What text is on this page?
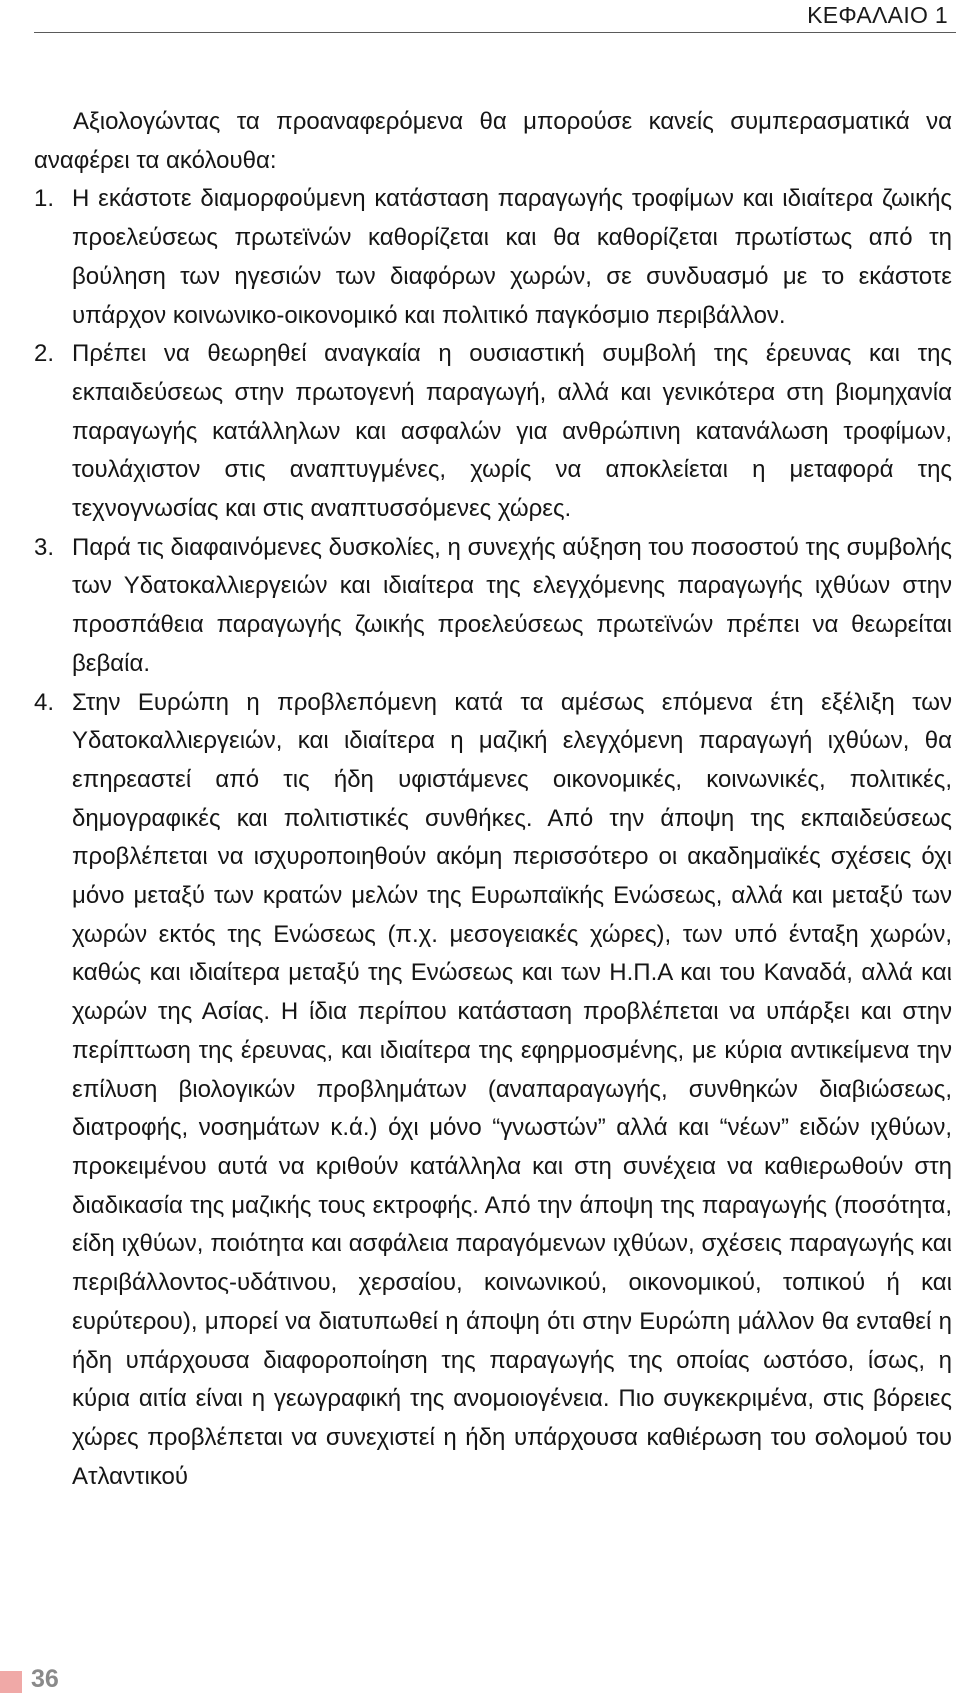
ΚΕΦΑΛΑΙΟ 1

Αξιολογώντας τα προαναφερόμενα θα μπορούσε κανείς συμπερασματικά να αναφέρει τα ακόλουθα:

1. Η εκάστοτε διαμορφούμενη κατάσταση παραγωγής τροφίμων και ιδιαίτερα ζωικής προελεύσεως πρωτεϊνών καθορίζεται και θα καθορίζεται πρωτίστως από τη βούληση των ηγεσιών των διαφόρων χωρών, σε συνδυασμό με το εκάστοτε υπάρχον κοινωνικο-οικονομικό και πολιτικό παγκόσμιο περιβάλλον.

2. Πρέπει να θεωρηθεί αναγκαία η ουσιαστική συμβολή της έρευνας και της εκπαιδεύσεως στην πρωτογενή παραγωγή, αλλά και γενικότερα στη βιομηχανία παραγωγής κατάλληλων και ασφαλών για ανθρώπινη κατανάλωση τροφίμων, τουλάχιστον στις αναπτυγμένες, χωρίς να αποκλείεται η μεταφορά της τεχνογνωσίας και στις αναπτυσσόμενες χώρες.

3. Παρά τις διαφαινόμενες δυσκολίες, η συνεχής αύξηση του ποσοστού της συμβολής των Υδατοκαλλιεργειών και ιδιαίτερα της ελεγχόμενης παραγωγής ιχθύων στην προσπάθεια παραγωγής ζωικής προελεύσεως πρωτεϊνών πρέπει να θεωρείται βεβαία.

4. Στην Ευρώπη η προβλεπόμενη κατά τα αμέσως επόμενα έτη εξέλιξη των Υδατοκαλλιεργειών, και ιδιαίτερα η μαζική ελεγχόμενη παραγωγή ιχθύων, θα επηρεαστεί από τις ήδη υφιστάμενες οικονομικές, κοινωνικές, πολιτικές, δημογραφικές και πολιτιστικές συνθήκες. Από την άποψη της εκπαιδεύσεως προβλέπεται να ισχυροποιηθούν ακόμη περισσότερο οι ακαδημαϊκές σχέσεις όχι μόνο μεταξύ των κρατών μελών της Ευρωπαϊκής Ενώσεως, αλλά και μεταξύ των χωρών εκτός της Ενώσεως (π.χ. μεσογειακές χώρες), των υπό ένταξη χωρών, καθώς και ιδιαίτερα μεταξύ της Ενώσεως και των Η.Π.Α και του Καναδά, αλλά και χωρών της Ασίας. Η ίδια περίπου κατάσταση προβλέπεται να υπάρξει και στην περίπτωση της έρευνας, και ιδιαίτερα της εφηρμοσμένης, με κύρια αντικείμενα την επίλυση βιολογικών προβλημάτων (αναπαραγωγής, συνθηκών διαβιώσεως, διατροφής, νοσημάτων κ.ά.) όχι μόνο “γνωστών” αλλά και “νέων” ειδών ιχθύων, προκειμένου αυτά να κριθούν κατάλληλα και στη συνέχεια να καθιερωθούν στη διαδικασία της μαζικής τους εκτροφής. Από την άποψη της παραγωγής (ποσότητα, είδη ιχθύων, ποιότητα και ασφάλεια παραγόμενων ιχθύων, σχέσεις παραγωγής και περιβάλλοντος-υδάτινου, χερσαίου, κοινωνικού, οικονομικού, τοπικού ή και ευρύτερου), μπορεί να διατυπωθεί η άποψη ότι στην Ευρώπη μάλλον θα ενταθεί η ήδη υπάρχουσα διαφοροποίηση της παραγωγής της οποίας ωστόσο, ίσως, η κύρια αιτία είναι η γεωγραφική της ανομοιογένεια. Πιο συγκεκριμένα, στις βόρειες χώρες προβλέπεται να συνεχιστεί η ήδη υπάρχουσα καθιέρωση του σολομού του Ατλαντικού

36
